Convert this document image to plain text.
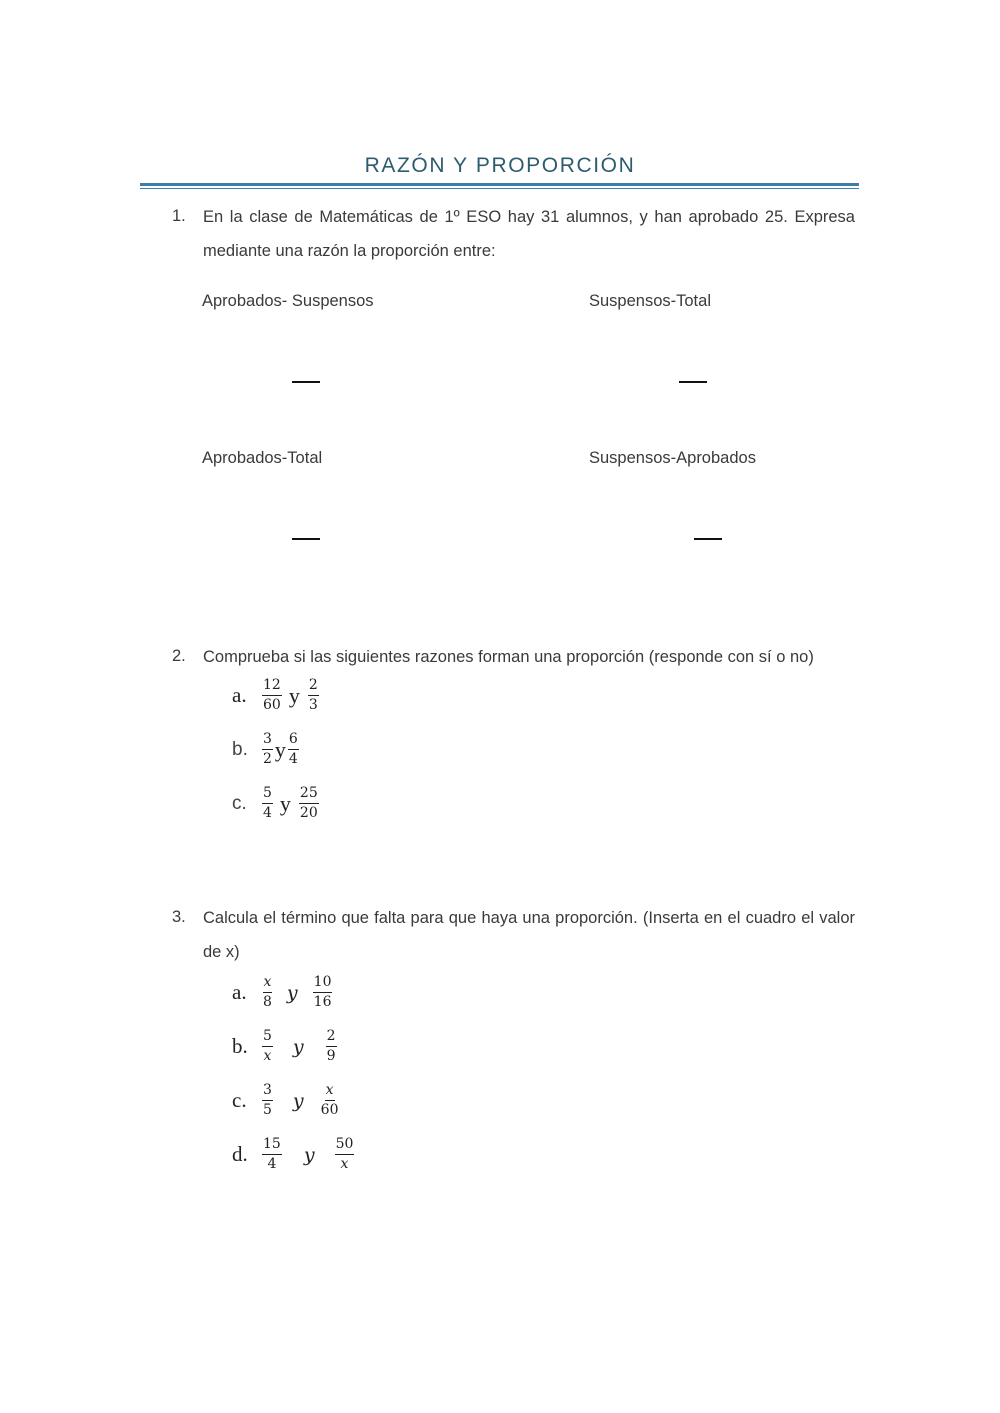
RAZÓN Y PROPORCIÓN
1. En la clase de Matemáticas de 1º ESO hay 31 alumnos, y han aprobado 25. Expresa
mediante una razón la proporción entre:
Aprobados- Suspensos	Suspensos-Total
Aprobados-Total	Suspensos-Aprobados
2. Comprueba si las siguientes razones forman una proporción (responde con sí o no)
a.	$\frac{12}{60}$ y $\frac{2}{3}$
b.	$\frac{3}{2}$ y $\frac{6}{4}$
c.	$\frac{5}{4}$ y $\frac{25}{20}$
3. Calcula el término que falta para que haya una proporción. (Inserta en el cuadro el valor
de x)
a.	$\frac{x}{8}$ y $\frac{10}{16}$
b.	$\frac{5}{x}$ y $\frac{2}{9}$
c.	$\frac{3}{5}$ y $\frac{x}{60}$
d.	$\frac{15}{4}$ y $\frac{50}{x}$
